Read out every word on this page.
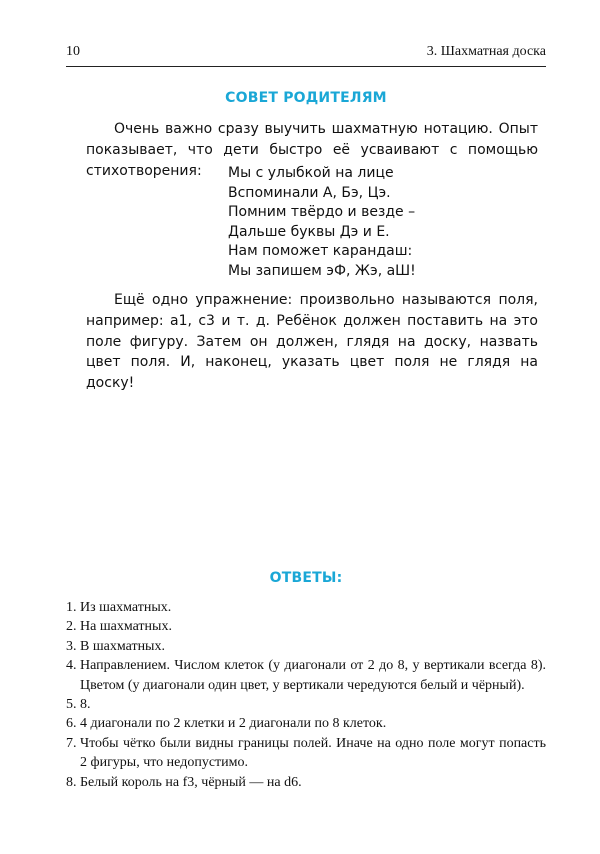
10	3. Шахматная доска
СОВЕТ РОДИТЕЛЯМ
Очень важно сразу выучить шахматную нотацию. Опыт показывает, что дети быстро её усваивают с помощью стихотворения:	Мы с улыбкой на лице
Вспоминали А, Бэ, Цэ.
Помним твёрдо и везде –
Дальше буквы Дэ и Е.
Нам поможет карандаш:
Мы запишем эФ, Жэ, аШ!
Ещё одно упражнение: произвольно называются поля, например: а1, с3 и т. д. Ребёнок должен поставить на это поле фигуру. Затем он должен, глядя на доску, назвать цвет поля. И, наконец, указать цвет поля не глядя на доску!
ОТВЕТЫ:
1. Из шахматных.
2. На шахматных.
3. В шахматных.
4. Направлением. Числом клеток (у диагонали от 2 до 8, у вертикали всегда 8). Цветом (у диагонали один цвет, у вертикали чередуются белый и чёрный).
5. 8.
6. 4 диагонали по 2 клетки и 2 диагонали по 8 клеток.
7. Чтобы чётко были видны границы полей. Иначе на одно поле могут попасть 2 фигуры, что недопустимо.
8. Белый король на f3, чёрный — на d6.
